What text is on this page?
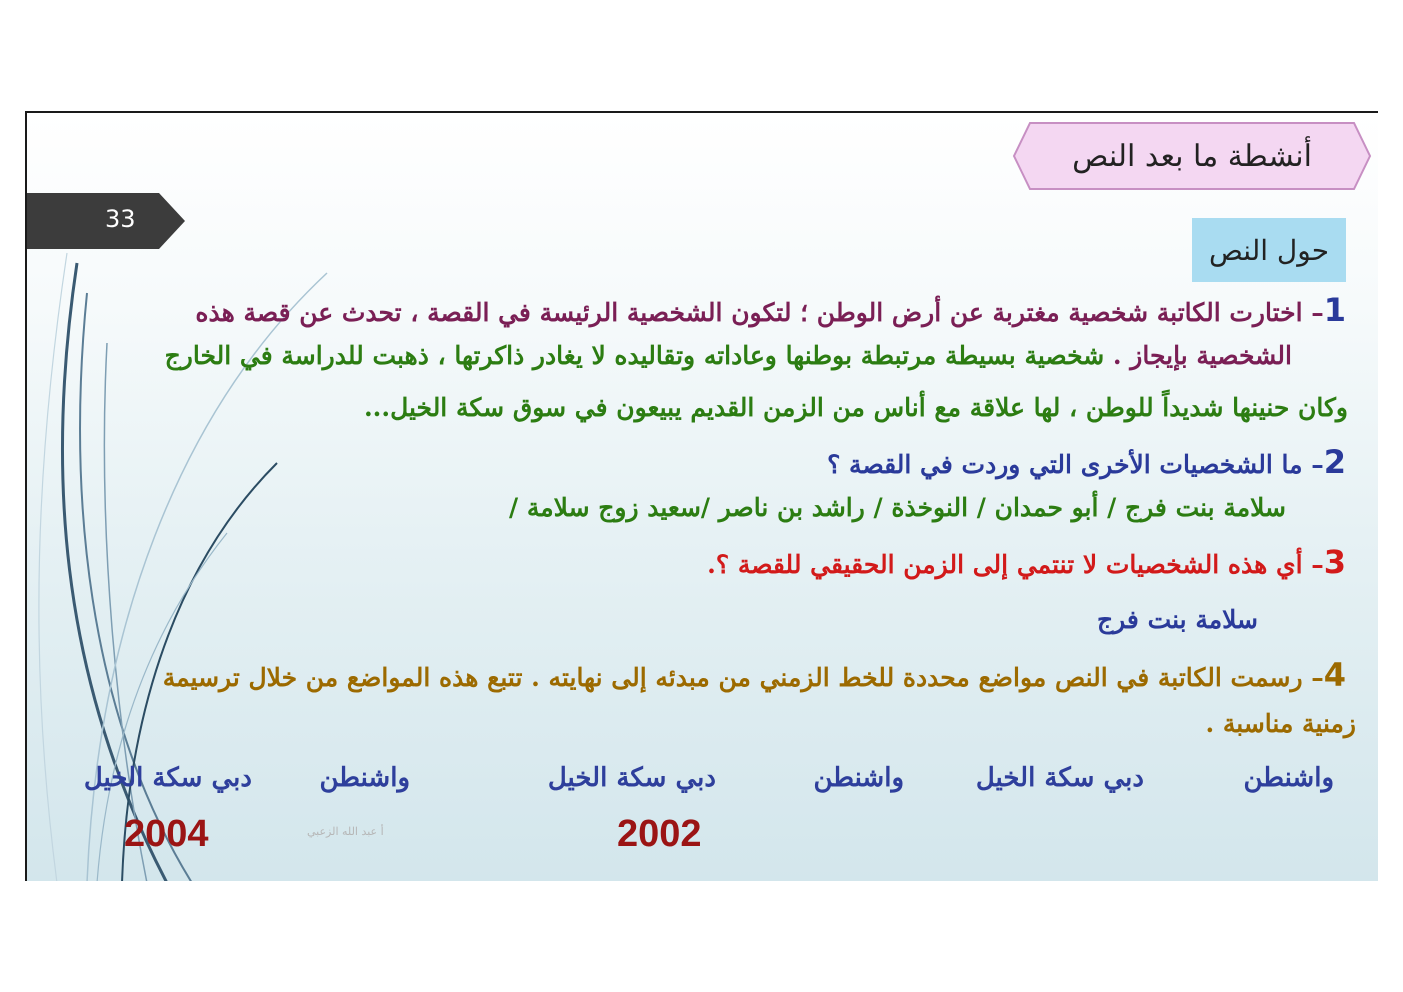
33
أنشطة ما بعد النص
حول النص
1– اختارت الكاتبة شخصية مغتربة عن أرض الوطن ؛ لتكون الشخصية الرئيسة في القصة ، تحدث عن قصة هذه
الشخصية بإيجاز . شخصية بسيطة مرتبطة بوطنها وعاداته وتقاليده لا يغادر ذاكرتها ، ذهبت للدراسة في الخارج
وكان حنينها شديداً للوطن ، لها علاقة مع أناس من الزمن القديم يبيعون في سوق سكة الخيل...
2– ما الشخصيات الأخرى التي وردت في القصة ؟
سلامة بنت فرج / أبو حمدان / النوخذة / راشد بن ناصر /سعيد زوج سلامة /
3– أي هذه الشخصيات لا تنتمي إلى الزمن الحقيقي للقصة ؟.
سلامة بنت فرج
4– رسمت الكاتبة في النص مواضع محددة للخط الزمني من مبدئه إلى نهايته . تتبع هذه المواضع من خلال ترسيمة
زمنية مناسبة .
واشنطن
دبي سكة الخيل
واشنطن
دبي سكة الخيل
واشنطن
دبي سكة الخيل
2002
2004	أ عبد الله الزعبي
